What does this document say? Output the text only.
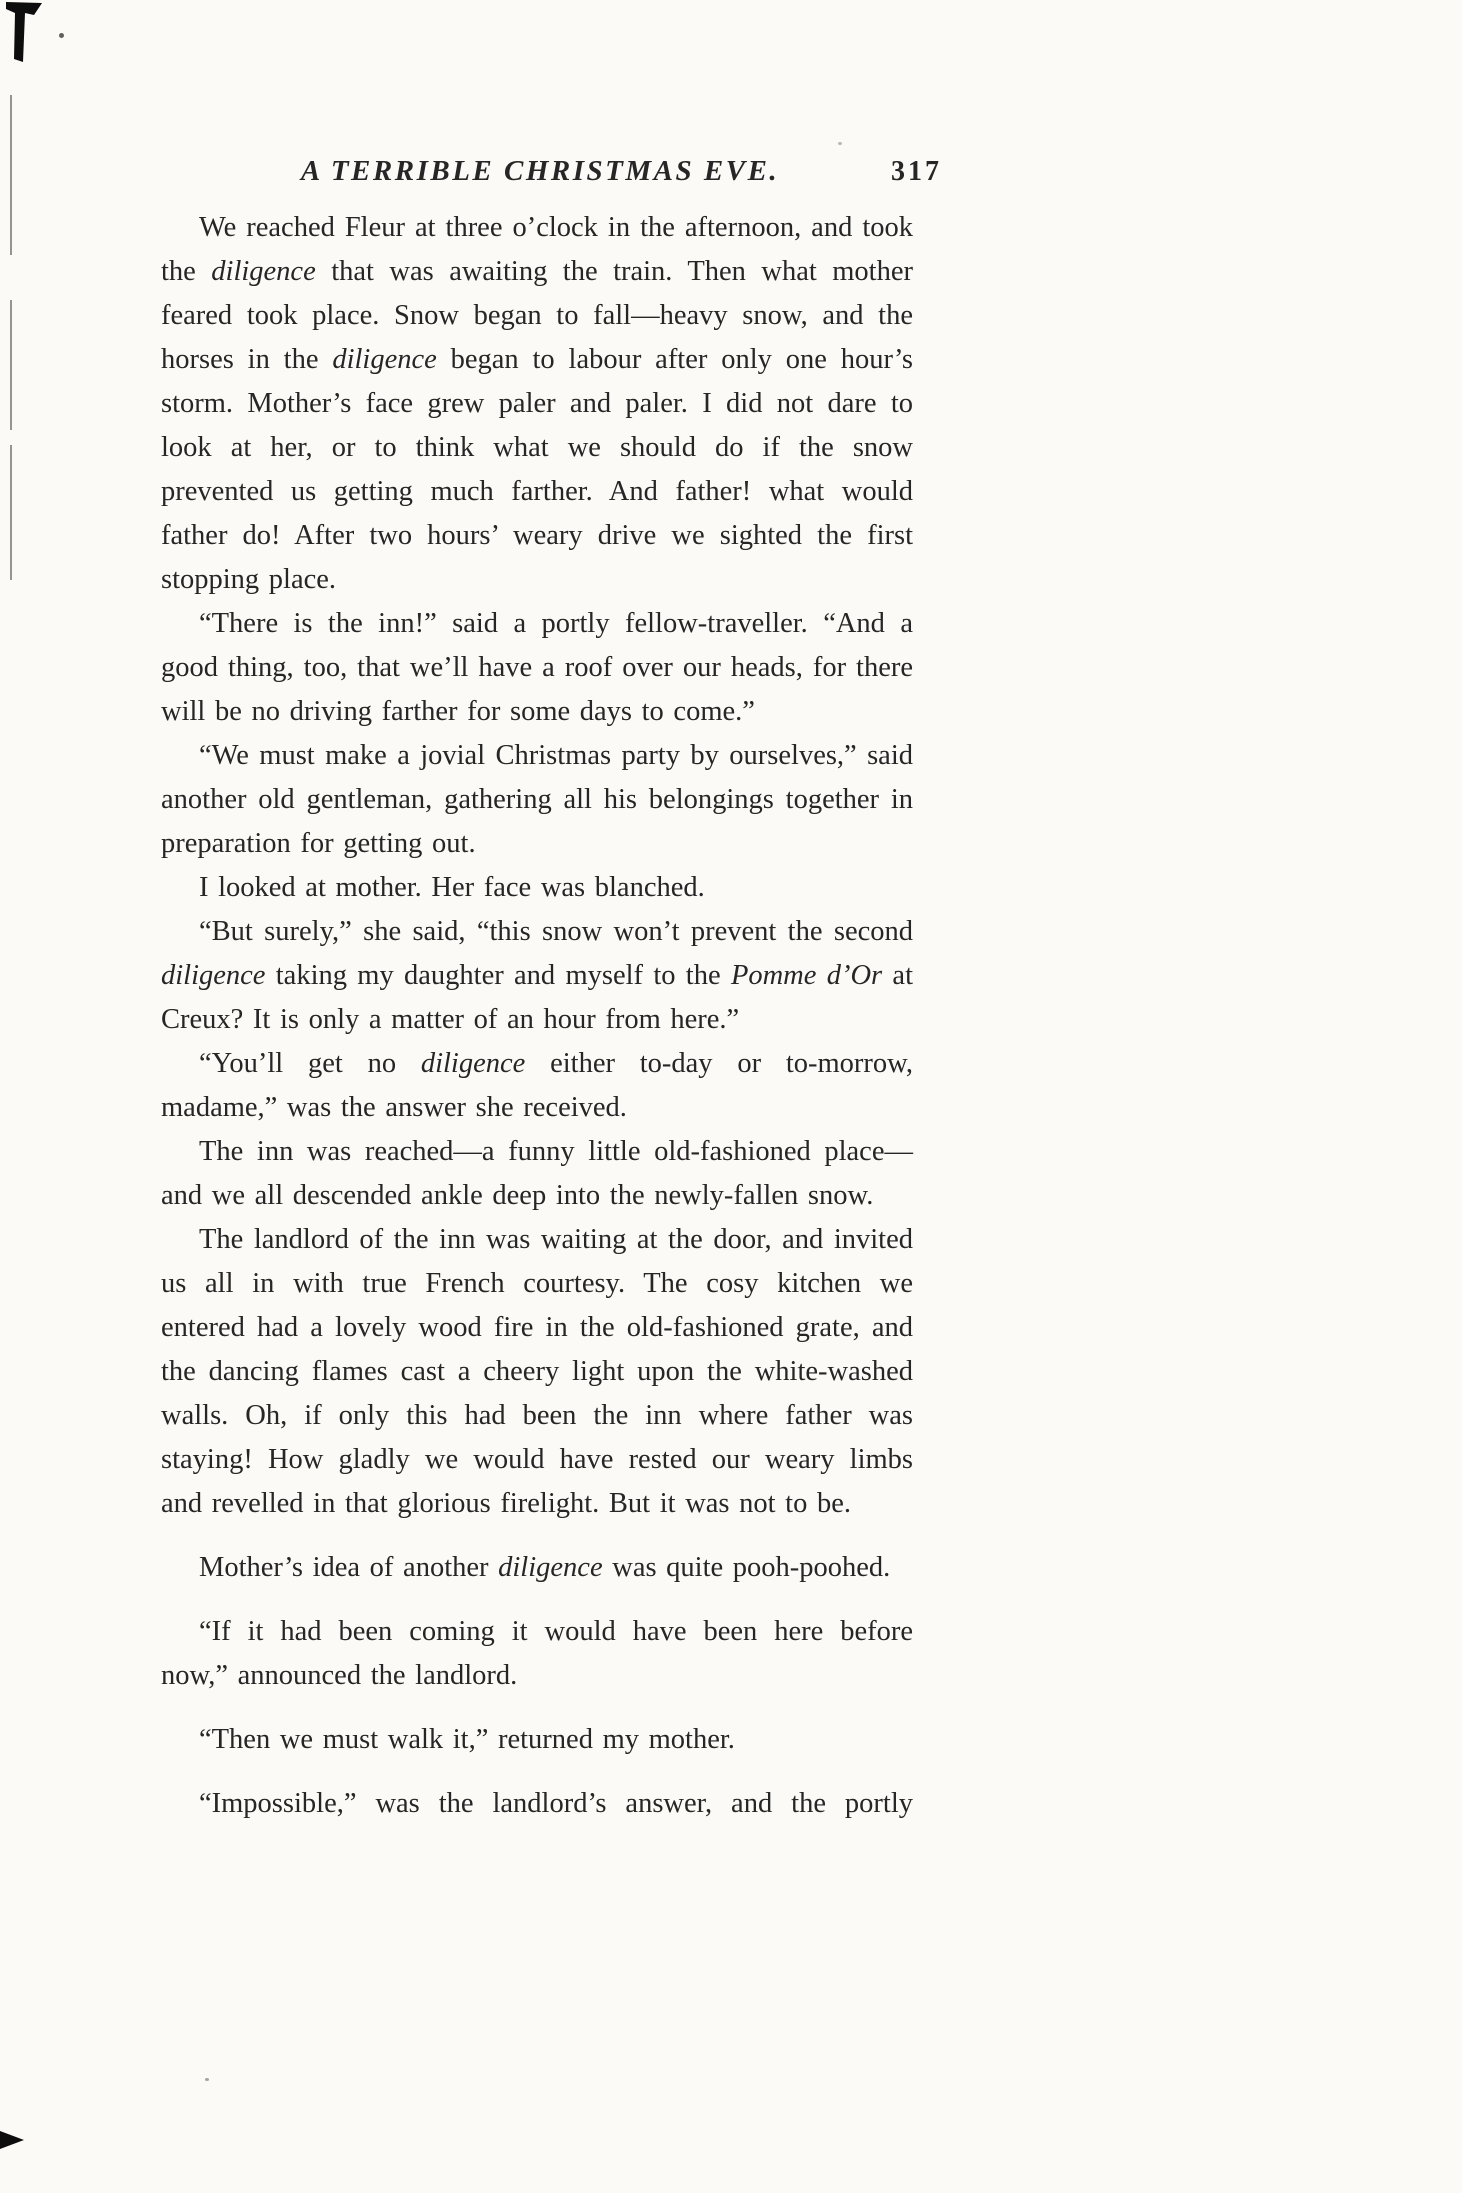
A TERRIBLE CHRISTMAS EVE.	317

We reached Fleur at three o’clock in the afternoon, and took the diligence that was awaiting the train. Then what mother feared took place. Snow began to fall—heavy snow, and the horses in the diligence began to labour after only one hour’s storm. Mother’s face grew paler and paler. I did not dare to look at her, or to think what we should do if the snow prevented us getting much farther. And father! what would father do! After two hours’ weary drive we sighted the first stopping place.

“There is the inn!” said a portly fellow-traveller. “And a good thing, too, that we’ll have a roof over our heads, for there will be no driving farther for some days to come.”

“We must make a jovial Christmas party by ourselves,” said another old gentleman, gathering all his belongings together in preparation for getting out.

I looked at mother. Her face was blanched.

“But surely,” she said, “this snow won’t prevent the second diligence taking my daughter and myself to the Pomme d’Or at Creux? It is only a matter of an hour from here.”

“You’ll get no diligence either to-day or to-morrow, madame,” was the answer she received.

The inn was reached—a funny little old-fashioned place—and we all descended ankle deep into the newly-fallen snow.

The landlord of the inn was waiting at the door, and invited us all in with true French courtesy. The cosy kitchen we entered had a lovely wood fire in the old-fashioned grate, and the dancing flames cast a cheery light upon the white-washed walls. Oh, if only this had been the inn where father was staying! How gladly we would have rested our weary limbs and revelled in that glorious firelight. But it was not to be.

Mother’s idea of another diligence was quite pooh-poohed.

“If it had been coming it would have been here before now,” announced the landlord.

“Then we must walk it,” returned my mother.

“Impossible,” was the landlord’s answer, and the portly
